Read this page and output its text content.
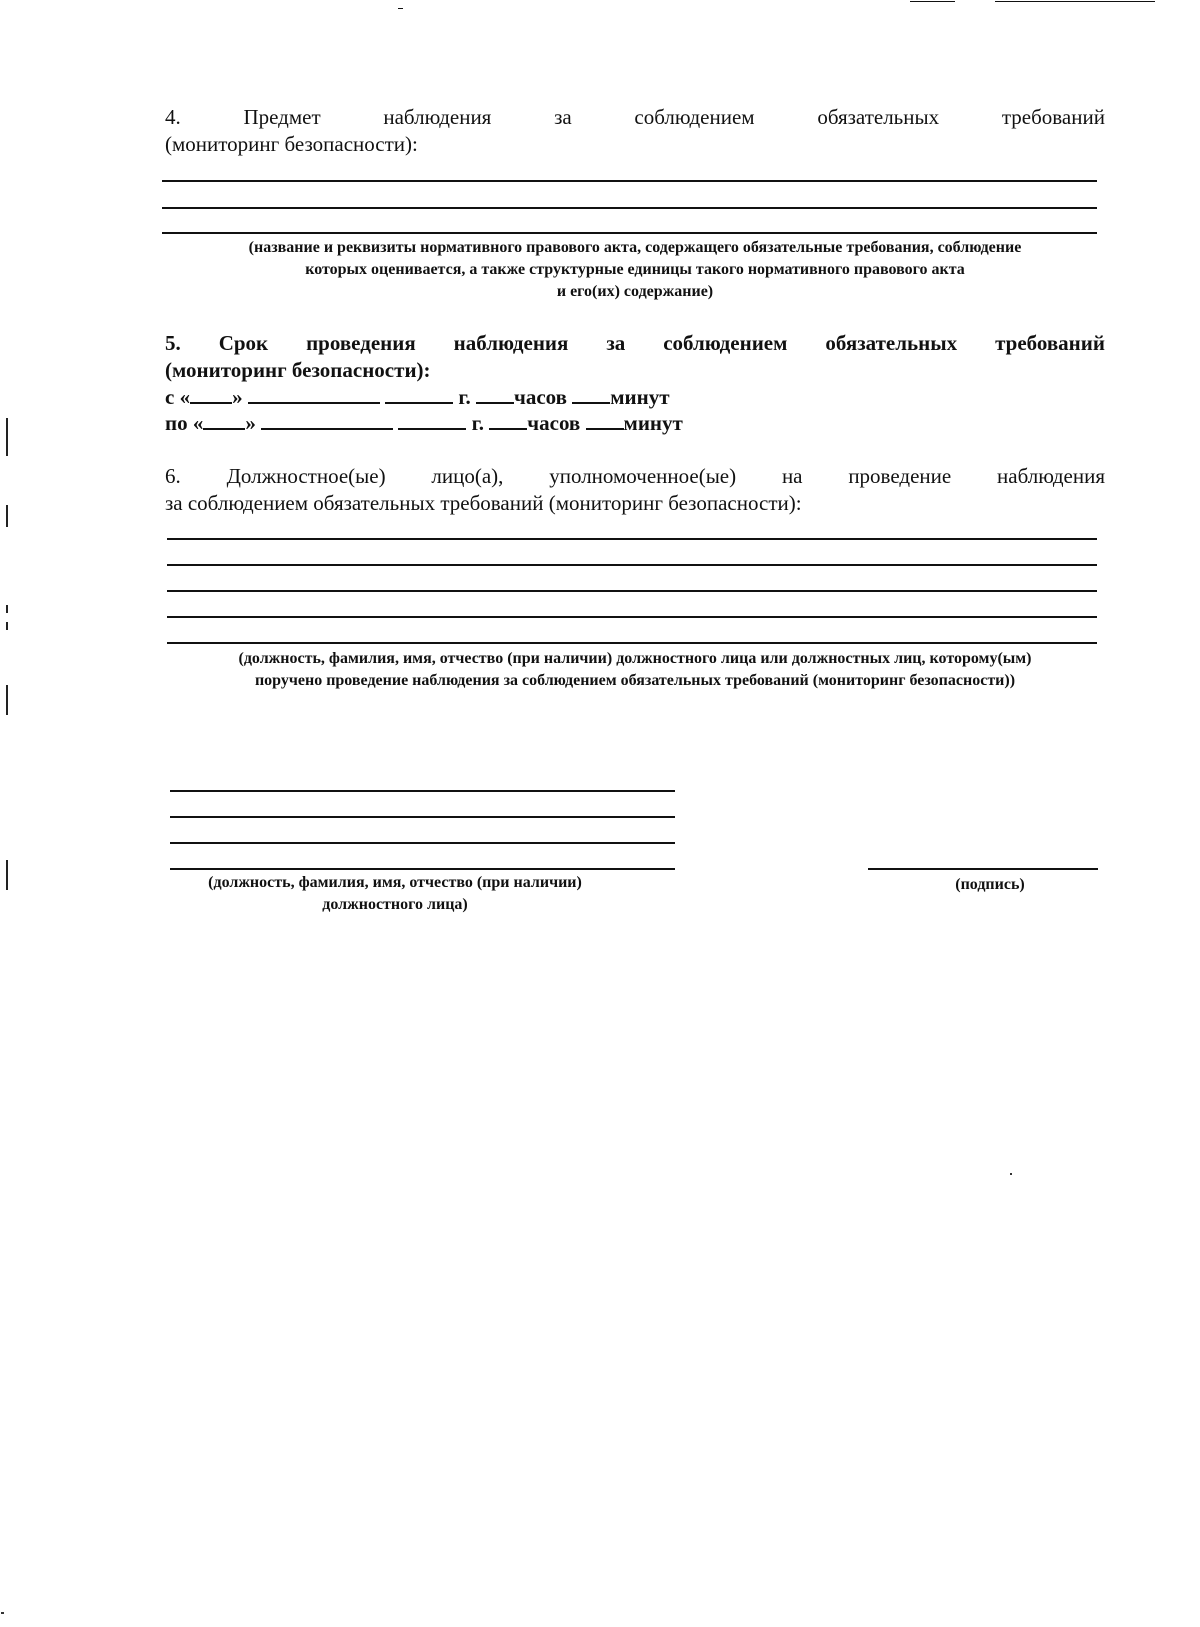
4.	Предмет	наблюдения	за	соблюдением	обязательных	требований
(мониторинг безопасности):
(название и реквизиты нормативного правового акта, содержащего обязательные требования, соблюдение
которых оценивается, а также структурные единицы такого нормативного правового акта
и его(их) содержание)
5. Срок проведения наблюдения за соблюдением обязательных требований
(мониторинг безопасности):
с « »	г. часов минут
по « »	г. часов минут
6. Должностное(ые) лицо(а), уполномоченное(ые) на проведение наблюдения
за соблюдением обязательных требований (мониторинг безопасности):
(должность, фамилия, имя, отчество (при наличии) должностного лица или должностных лиц, которому(ым)
поручено проведение наблюдения за соблюдением обязательных требований (мониторинг безопасности))
(должность, фамилия, имя, отчество (при наличии)
должностного лица)
(подпись)
